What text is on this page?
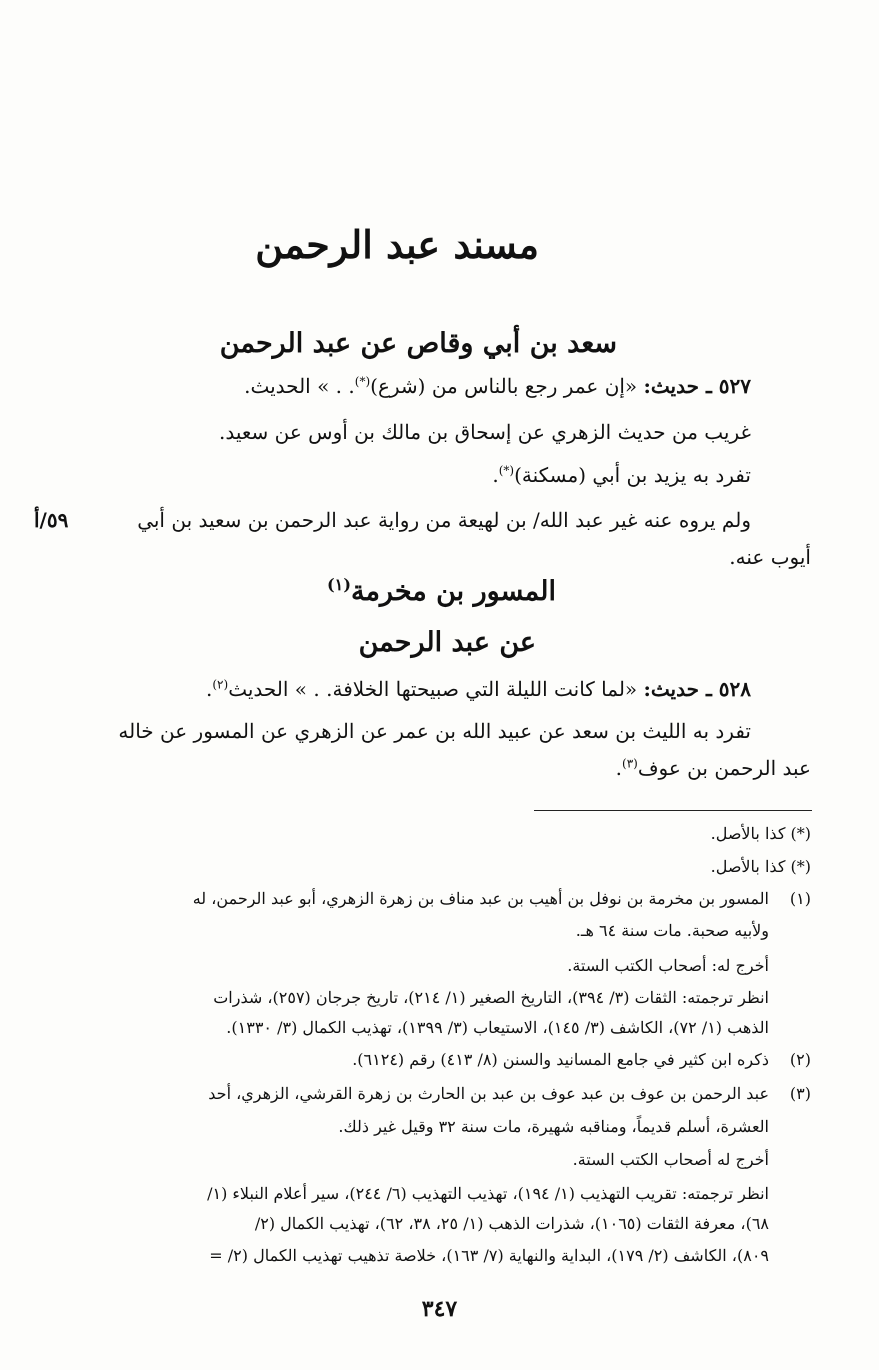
مسند عبد الرحمن
سعد بن أبي وقاص عن عبد الرحمن
٥٢٧ ـ حديث: «إن عمر رجع بالناس من (شرع)(*). . » الحديث.
غريب من حديث الزهري عن إسحاق بن مالك بن أوس عن سعيد.
تفرد به يزيد بن أبي (مسكنة)(*).
ولم يروه عنه غير عبد الله/ بن لهيعة من رواية عبد الرحمن بن سعيد بن أبي
٥٩/أ
أيوب عنه.
المسور بن مخرمة$^{(١)}$
عن عبد الرحمن
٥٢٨ ـ حديث: «لما كانت الليلة التي صبيحتها الخلافة. . » الحديث$^{(٢)}$.
تفرد به الليث بن سعد عن عبيد الله بن عمر عن الزهري عن المسور عن خاله
عبد الرحمن بن عوف$^{(٣)}$.
(*) كذا بالأصل.
(*) كذا بالأصل.
(١)
المسور بن مخرمة بن نوفل بن أهيب بن عبد مناف بن زهرة الزهري، أبو عبد الرحمن، له
ولأبيه صحبة. مات سنة ٦٤ هـ.
أخرج له: أصحاب الكتب الستة.
انظر ترجمته: الثقات (٣/ ٣٩٤)، التاريخ الصغير (١/ ٢١٤)، تاريخ جرجان (٢٥٧)، شذرات
الذهب (١/ ٧٢)، الكاشف (٣/ ١٤٥)، الاستيعاب (٣/ ١٣٩٩)، تهذيب الكمال (٣/ ١٣٣٠).
(٢)
ذكره ابن كثير في جامع المسانيد والسنن (٨/ ٤١٣) رقم (٦١٢٤).
(٣)
عبد الرحمن بن عوف بن عبد عوف بن عبد بن الحارث بن زهرة القرشي، الزهري، أحد
العشرة، أسلم قديماً، ومناقبه شهيرة، مات سنة ٣٢ وقيل غير ذلك.
أخرج له أصحاب الكتب الستة.
انظر ترجمته: تقريب التهذيب (١/ ١٩٤)، تهذيب التهذيب (٦/ ٢٤٤)، سير أعلام النبلاء (١/
٦٨)، معرفة الثقات (١٠٦٥)، شذرات الذهب (١/ ٢٥، ٣٨، ٦٢)، تهذيب الكمال (٢/
٨٠٩)، الكاشف (٢/ ١٧٩)، البداية والنهاية (٧/ ١٦٣)، خلاصة تذهيب تهذيب الكمال (٢/ =
٣٤٧
